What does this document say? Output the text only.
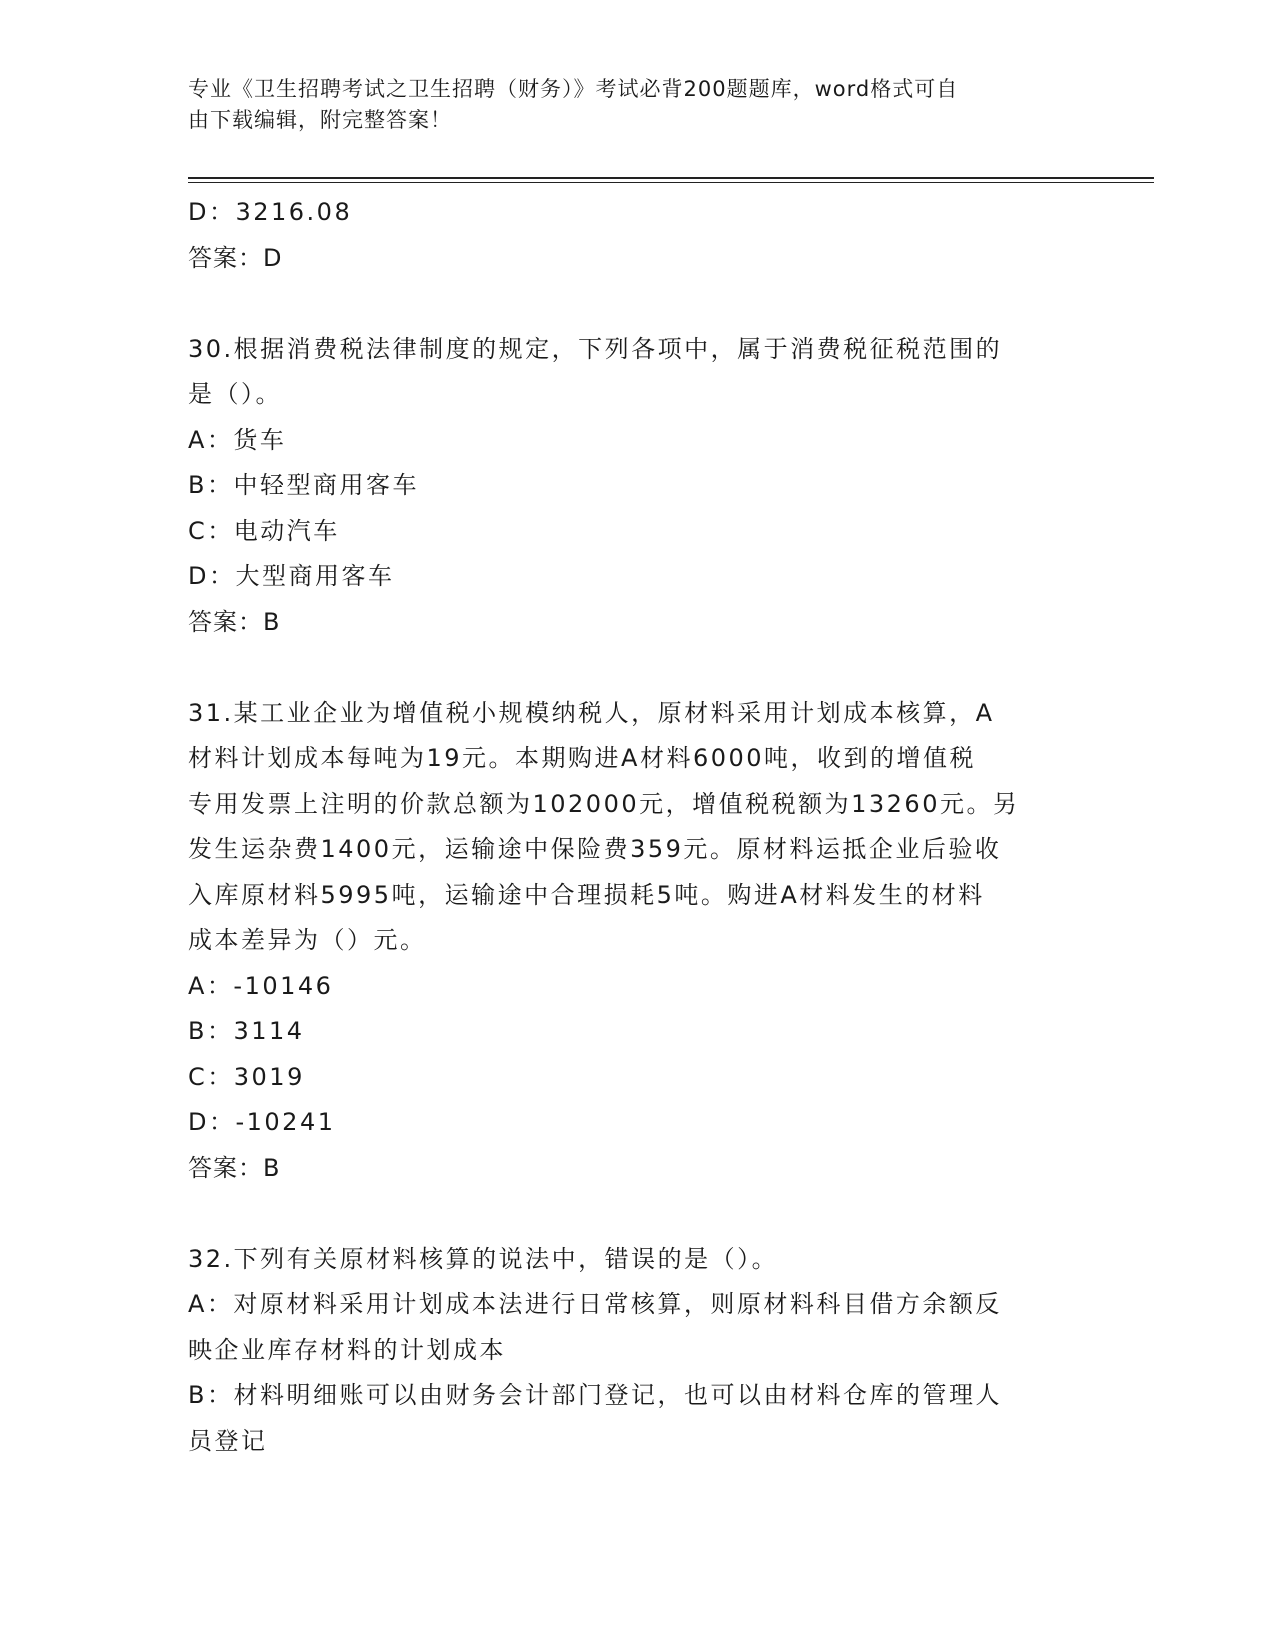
专业《卫生招聘考试之卫生招聘（财务）》考试必背200题题库，word格式可自
由下载编辑，附完整答案！
D：3216.08
答案：D
30.根据消费税法律制度的规定，下列各项中，属于消费税征税范围的
是（）。
A：货车
B：中轻型商用客车
C：电动汽车
D：大型商用客车
答案：B
31.某工业企业为增值税小规模纳税人，原材料采用计划成本核算，A
材料计划成本每吨为19元。本期购进A材料6000吨，收到的增值税
专用发票上注明的价款总额为102000元，增值税税额为13260元。另
发生运杂费1400元，运输途中保险费359元。原材料运抵企业后验收
入库原材料5995吨，运输途中合理损耗5吨。购进A材料发生的材料
成本差异为（）元。
A：-10146
B：3114
C：3019
D：-10241
答案：B
32.下列有关原材料核算的说法中，错误的是（）。
A：对原材料采用计划成本法进行日常核算，则原材料科目借方余额反
映企业库存材料的计划成本
B：材料明细账可以由财务会计部门登记，也可以由材料仓库的管理人
员登记
